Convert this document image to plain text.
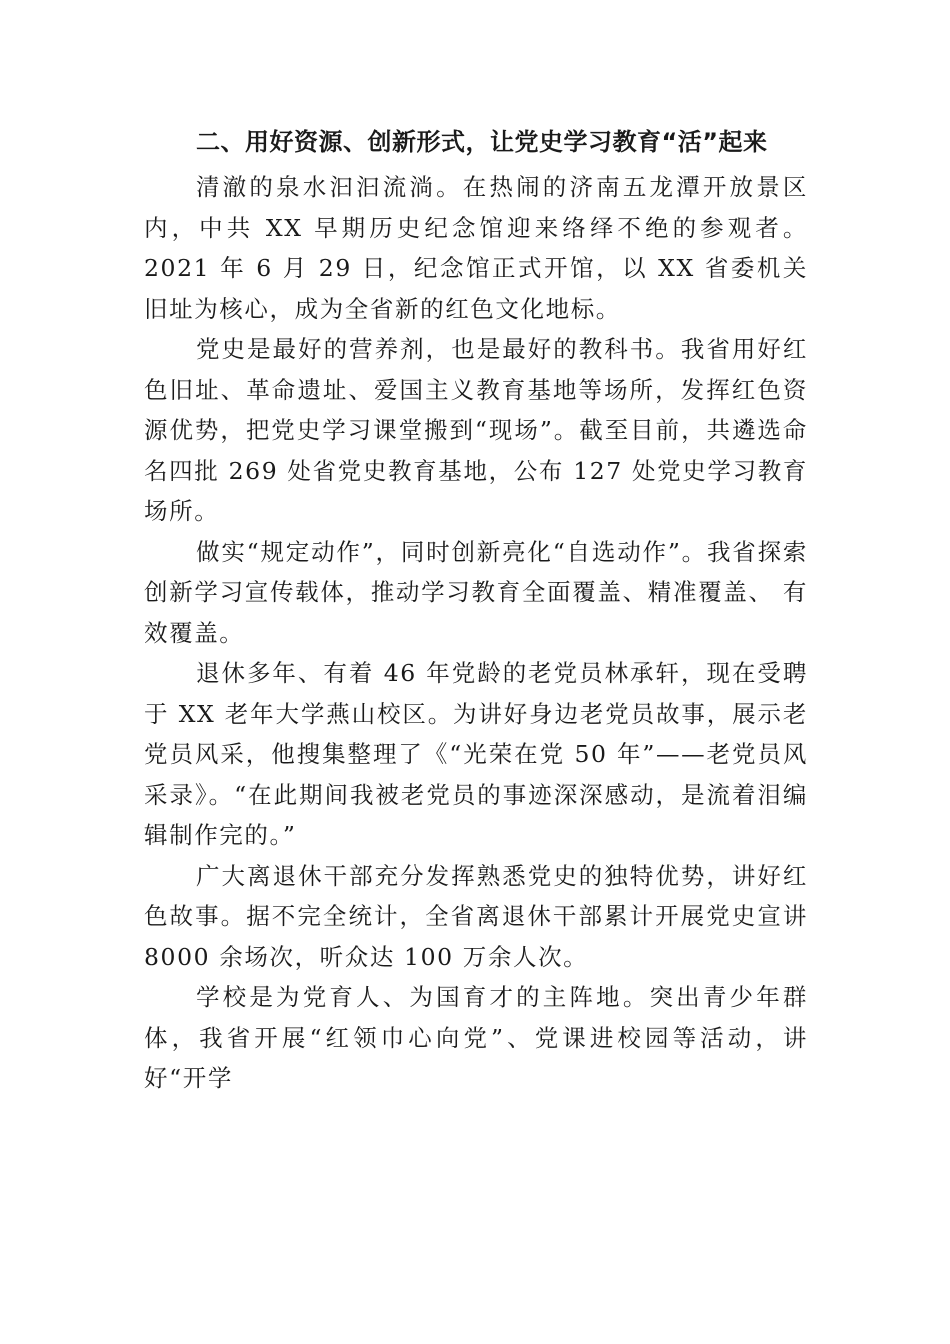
二、用好资源、创新形式，让党史学习教育“活”起来

清澈的泉水汩汩流淌。在热闹的济南五龙潭开放景区内，中共 XX 早期历史纪念馆迎来络绎不绝的参观者。2021 年 6 月 29 日，纪念馆正式开馆，以 XX 省委机关旧址为核心，成为全省新的红色文化地标。

党史是最好的营养剂，也是最好的教科书。我省用好红色旧址、革命遗址、爱国主义教育基地等场所，发挥红色资源优势，把党史学习课堂搬到“现场”。截至目前，共遴选命名四批 269 处省党史教育基地，公布 127 处党史学习教育场所。

做实“规定动作”，同时创新亮化“自选动作”。我省探索创新学习宣传载体，推动学习教育全面覆盖、精准覆盖、 有效覆盖。

退休多年、有着 46 年党龄的老党员林承轩，现在受聘于 XX 老年大学燕山校区。为讲好身边老党员故事，展示老党员风采，他搜集整理了《“光荣在党 50 年”——老党员风采录》。“在此期间我被老党员的事迹深深感动，是流着泪编辑制作完的。”

广大离退休干部充分发挥熟悉党史的独特优势，讲好红色故事。据不完全统计，全省离退休干部累计开展党史宣讲 8000 余场次，听众达 100 万余人次。

学校是为党育人、为国育才的主阵地。突出青少年群体，我省开展“红领巾心向党”、党课进校园等活动，讲好“开学
